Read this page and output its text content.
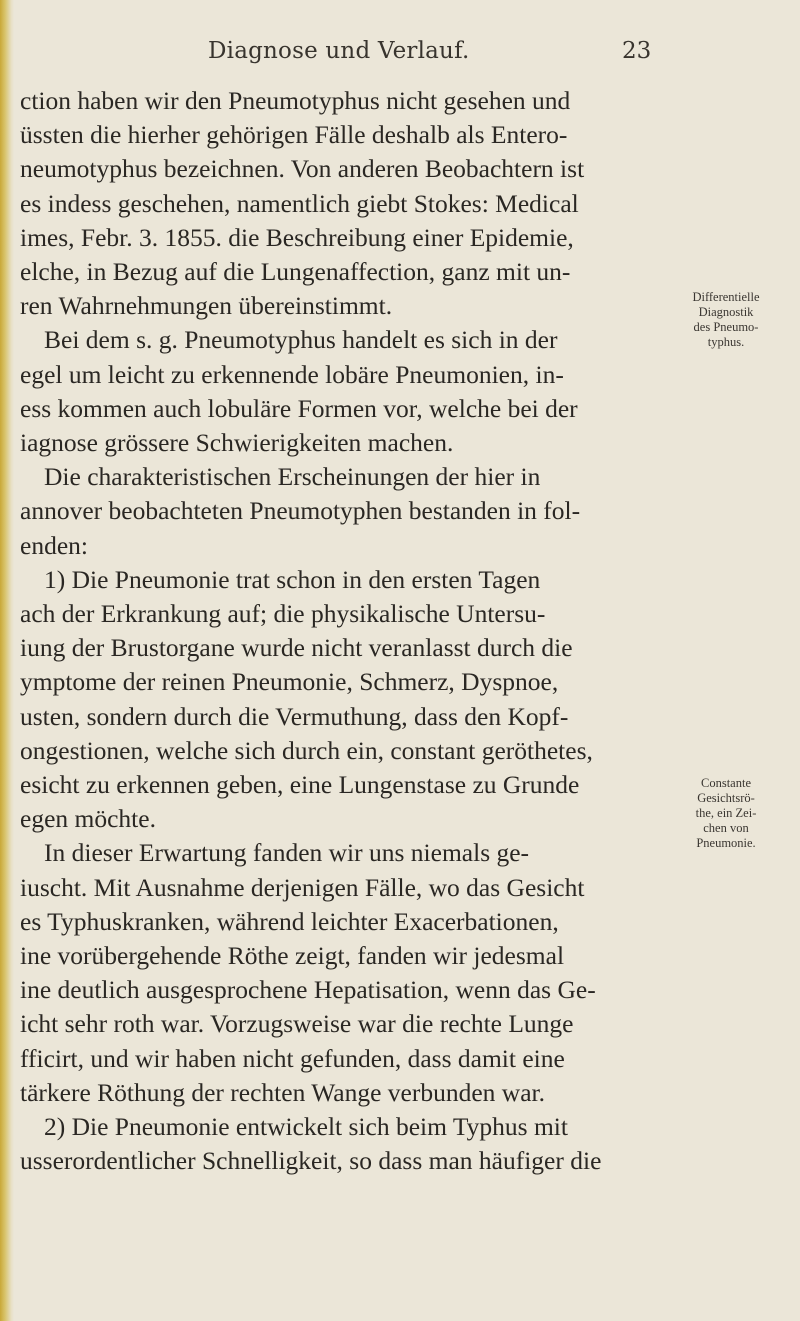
Diagnose und Verlauf.	23
ction haben wir den Pneumotyphus nicht gesehen und
üssten die hierher gehörigen Fälle deshalb als Entero-
neumotyphus bezeichnen. Von anderen Beobachtern ist
es indess geschehen, namentlich giebt Stokes: Medical
imes, Febr. 3. 1855. die Beschreibung einer Epidemie,
elche, in Bezug auf die Lungenaffection, ganz mit un-
ren Wahrnehmungen übereinstimmt.
Bei dem s. g. Pneumotyphus handelt es sich in der
egel um leicht zu erkennende lobäre Pneumonien, in-
ess kommen auch lobuläre Formen vor, welche bei der
iagnose grössere Schwierigkeiten machen.
Die charakteristischen Erscheinungen der hier in
annover beobachteten Pneumotyphen bestanden in fol-
enden:
1) Die Pneumonie trat schon in den ersten Tagen
ach der Erkrankung auf; die physikalische Untersu-
iung der Brustorgane wurde nicht veranlasst durch die
ymptome der reinen Pneumonie, Schmerz, Dyspnoe,
usten, sondern durch die Vermuthung, dass den Kopf-
ongestionen, welche sich durch ein, constant geröthetes,
esicht zu erkennen geben, eine Lungenstase zu Grunde
egen möchte.
In dieser Erwartung fanden wir uns niemals ge-
iuscht. Mit Ausnahme derjenigen Fälle, wo das Gesicht
es Typhuskranken, während leichter Exacerbationen,
ine vorübergehende Röthe zeigt, fanden wir jedesmal
ine deutlich ausgesprochene Hepatisation, wenn das Ge-
icht sehr roth war. Vorzugsweise war die rechte Lunge
fficirt, und wir haben nicht gefunden, dass damit eine
tärkere Röthung der rechten Wange verbunden war.
2) Die Pneumonie entwickelt sich beim Typhus mit
usserordentlicher Schnelligkeit, so dass man häufiger die
Differentielle
Diagnostik
des Pneumo-
typhus.
Constante
Gesichtsrö-
the, ein Zei-
chen von
Pneumonie.
